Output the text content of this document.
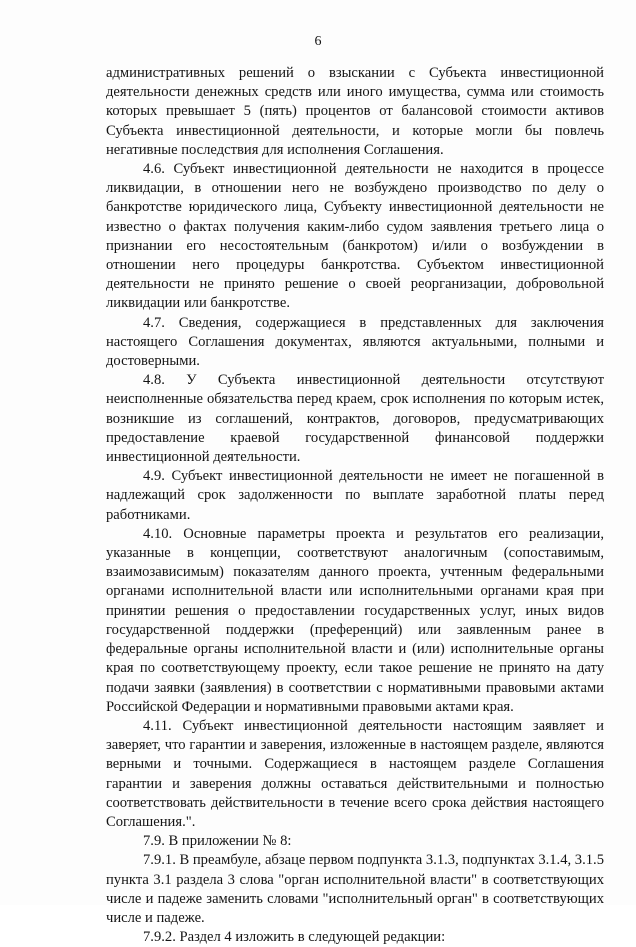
6

административных решений о взыскании с Субъекта инвестиционной деятельности денежных средств или иного имущества, сумма или стоимость которых превышает 5 (пять) процентов от балансовой стоимости активов Субъекта инвестиционной деятельности, и которые могли бы повлечь негативные последствия для исполнения Соглашения.

4.6. Субъект инвестиционной деятельности не находится в процессе ликвидации, в отношении него не возбуждено производство по делу о банкротстве юридического лица, Субъекту инвестиционной деятельности не известно о фактах получения каким-либо судом заявления третьего лица о признании его несостоятельным (банкротом) и/или о возбуждении в отношении него процедуры банкротства. Субъектом инвестиционной деятельности не принято решение о своей реорганизации, добровольной ликвидации или банкротстве.

4.7. Сведения, содержащиеся в представленных для заключения настоящего Соглашения документах, являются актуальными, полными и достоверными.

4.8. У Субъекта инвестиционной деятельности отсутствуют неисполненные обязательства перед краем, срок исполнения по которым истек, возникшие из соглашений, контрактов, договоров, предусматривающих предоставление краевой государственной финансовой поддержки инвестиционной деятельности.

4.9. Субъект инвестиционной деятельности не имеет не погашенной в надлежащий срок задолженности по выплате заработной платы перед работниками.

4.10. Основные параметры проекта и результатов его реализации, указанные в концепции, соответствуют аналогичным (сопоставимым, взаимозависимым) показателям данного проекта, учтенным федеральными органами исполнительной власти или исполнительными органами края при принятии решения о предоставлении государственных услуг, иных видов государственной поддержки (преференций) или заявленным ранее в федеральные органы исполнительной власти и (или) исполнительные органы края по соответствующему проекту, если такое решение не принято на дату подачи заявки (заявления) в соответствии с нормативными правовыми актами Российской Федерации и нормативными правовыми актами края.

4.11. Субъект инвестиционной деятельности настоящим заявляет и заверяет, что гарантии и заверения, изложенные в настоящем разделе, являются верными и точными. Содержащиеся в настоящем разделе Соглашения гарантии и заверения должны оставаться действительными и полностью соответствовать действительности в течение всего срока действия настоящего Соглашения.".

7.9. В приложении № 8:

7.9.1. В преамбуле, абзаце первом подпункта 3.1.3, подпунктах 3.1.4, 3.1.5 пункта 3.1 раздела 3 слова "орган исполнительной власти" в соответствующих числе и падеже заменить словами "исполнительный орган" в соответствующих числе и падеже.

7.9.2. Раздел 4 изложить в следующей редакции:
